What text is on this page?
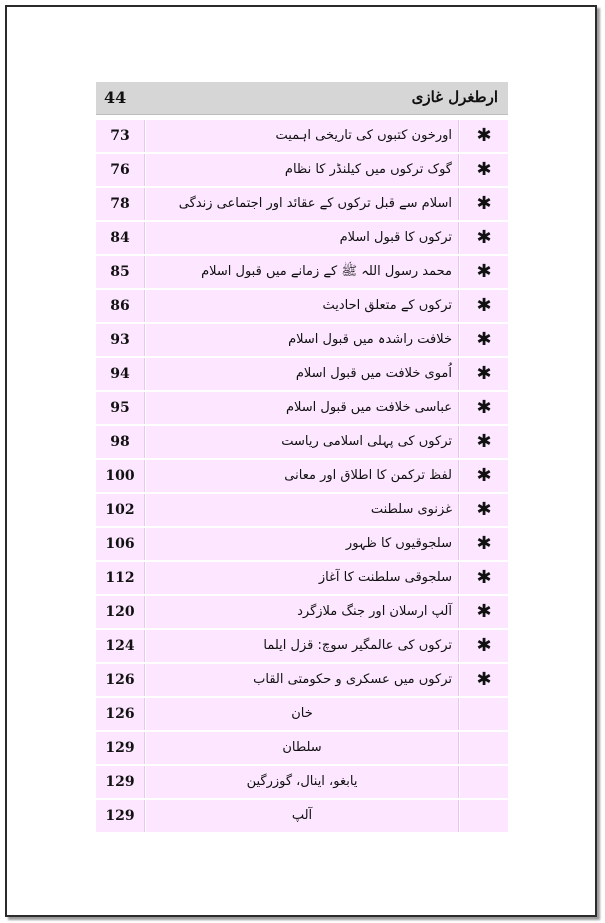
ارطغرل غازی
44
73	اورخون کتبوں کی تاریخی اہمیت	✱
76	گوک ترکوں میں کیلنڈر کا نظام	✱
78	اسلام سے قبل ترکوں کے عقائد اور اجتماعی زندگی	✱
84	ترکوں کا قبول اسلام	✱
85	محمد رسول اللہ ﷺ کے زمانے میں قبول اسلام	✱
86	ترکوں کے متعلق احادیث	✱
93	خلافت راشدہ میں قبول اسلام	✱
94	اُموی خلافت میں قبول اسلام	✱
95	عباسی خلافت میں قبول اسلام	✱
98	ترکوں کی پہلی اسلامی ریاست	✱
100	لفظ ترکمن کا اطلاق اور معانی	✱
102	غزنوی سلطنت	✱
106	سلجوقیوں کا ظہور	✱
112	سلجوقی سلطنت کا آغاز	✱
120	آلپ ارسلان اور جنگ ملازگرد	✱
124	ترکوں کی عالمگیر سوچ: قزل ایلما	✱
126	ترکوں میں عسکری و حکومتی القاب	✱
126	خان
129	سلطان
129	یابغو، اینال، گوزرگین
129	آلپ
